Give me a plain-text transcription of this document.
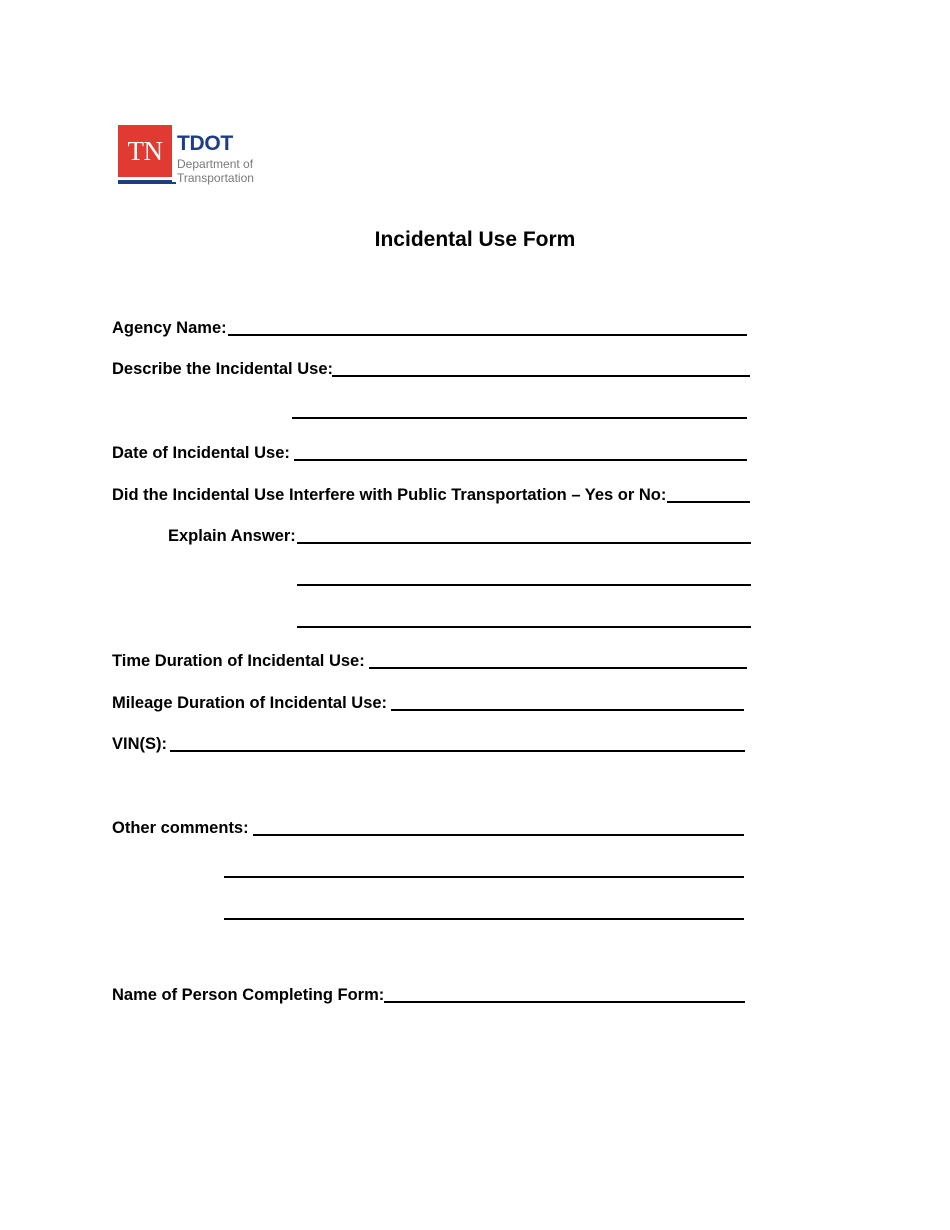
TN TDOT
Department of
Transportation
Incidental Use Form
Agency Name:
Describe the Incidental Use:
Date of Incidental Use:
Did the Incidental Use Interfere with Public Transportation – Yes or No:
Explain Answer:
Time Duration of Incidental Use:
Mileage Duration of Incidental Use:
VIN(S):
Other comments:
Name of Person Completing Form:
